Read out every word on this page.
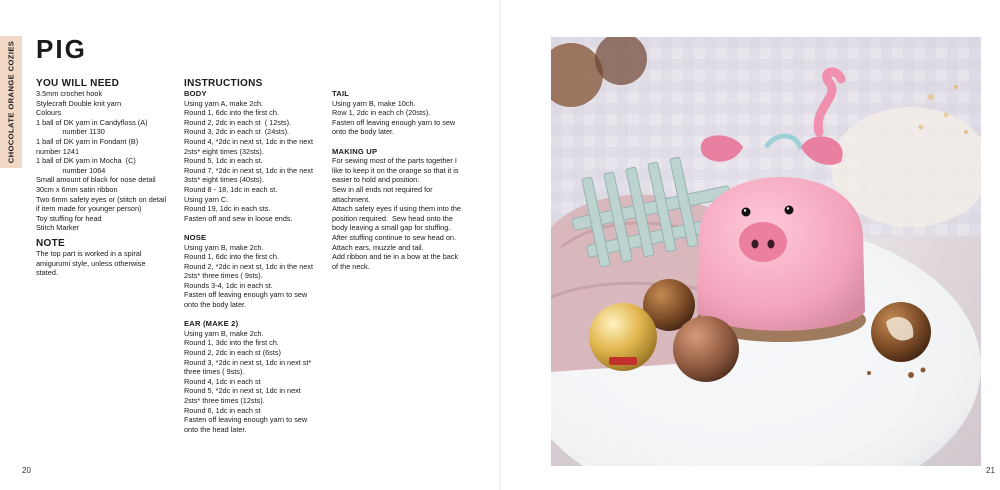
CHOCOLATE ORANGE COZIES PIG
YOU WILL NEED
3.5mm crochet hook
Stylecraft Double knit yarn
Colours
1 ball of DK yarn in Candyfloss (A)
number 1130
1 ball of DK yarn in Fondant (B)
number 1241
1 ball of DK yarn in Mocha  (C)
number 1064
Small amount of black for nose detail
30cm x 6mm satin ribbon
Two 6mm safety eyes or (stitch on detail
if item made for younger person)
Toy stuffing for head
Stitch Marker
NOTE
The top part is worked in a spiral
amigurumi style, unless otherwise
stated.
INSTRUCTIONS
BODY
Using yarn A, make 2ch.
Round 1, 6dc into the first ch.
Round 2, 2dc in each st  ( 12sts).
Round 3, 2dc in each st  (24sts).
Round 4, *2dc in next st, 1dc in the next
2sts* eight times (32sts).
Round 5, 1dc in each st.
Round 7, *2dc in next st, 1dc in the next
3sts* eight times (40sts).
Round 8 - 18, 1dc in each st.
Using yarn C.
Round 19, 1dc in each sts.
Fasten off and sew in loose ends.
NOSE
Using yarn B, make 2ch.
Round 1, 6dc into the first ch.
Round 2, *2dc in next st, 1dc in the next
2sts* three times ( 9sts).
Rounds 3-4, 1dc in each st.
Fasten off leaving enough yarn to sew
onto the body later.
EAR (MAKE 2)
Using yarn B, make 2ch.
Round 1, 3dc into the first ch.
Round 2, 2dc in each st (6sts)
Round 3, *2dc in next st, 1dc in next st*
three times ( 9sts).
Round 4, 1dc in each st
Round 5, *2dc in next st, 1dc in next
2sts* three times (12sts).
Round 6, 1dc in each st
Fasten off leaving enough yarn to sew
onto the head later.
TAIL
Using yarn B, make 10ch.
Row 1, 2dc in each ch (20sts).
Fasten off leaving enough yarn to sew
onto the body later.
MAKING UP
For sewing most of the parts together I
like to keep it on the orange so that it is
easier to hold and position.
Sew in all ends not required for
attachment.
Attach safety eyes if using them into the
position required.  Sew head onto the
body leaving a small gap for stuffing.
After stuffing continue to sew head on.
Attach ears, muzzle and tail.
Add ribbon and tie in a bow at the back
of the neck.
20	21
